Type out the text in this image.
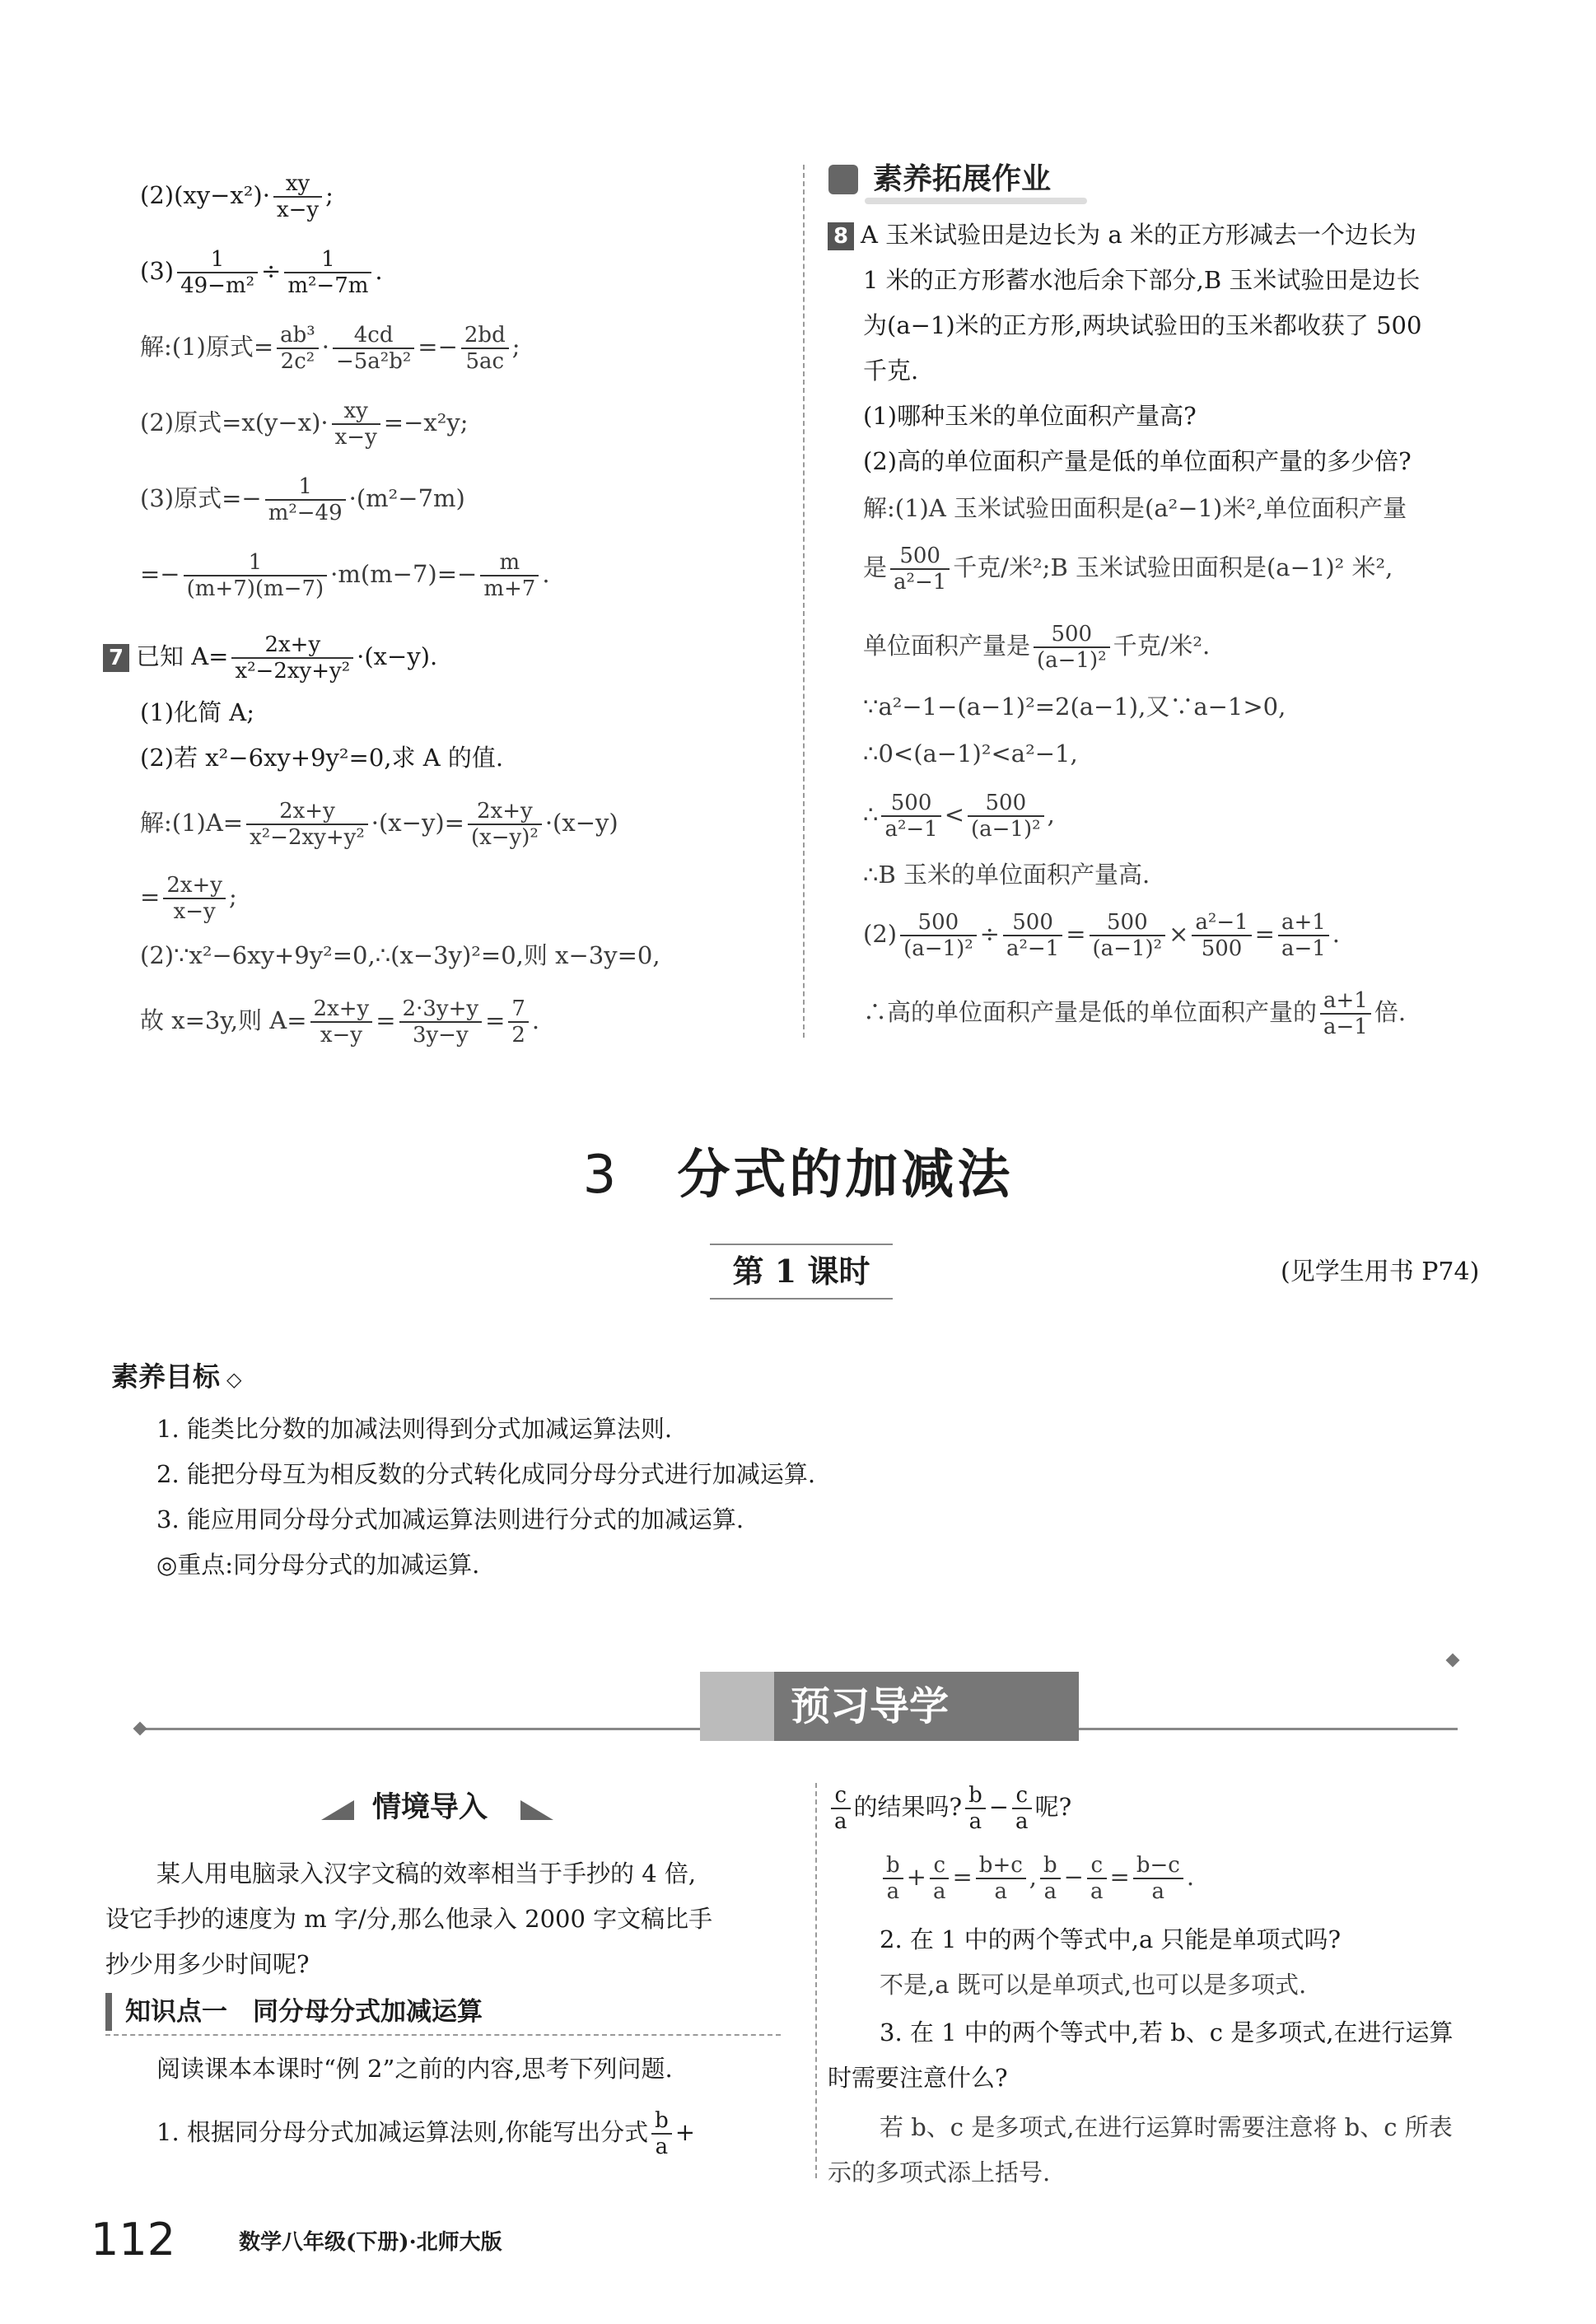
$(2)(xy-x^2)\cdot \frac{xy}{x-y}$ ;
$(3) \frac{1}{\text{49−m²}} \div \frac{1}{\text{m²−7m}}$ .
解:(1)原式= $\frac{\text{ab³}}{\text{2c²}} \cdot \frac{4cd}{\text{−5a²b²}} =- \frac{2bd}{5ac}$ ;
(2)原式$=x(y-x)\cdot \frac{xy}{x-y} =-x^2y$;
(3)原式=− $\frac{1}{\text{m²−49}} \cdot(m^2-7m)$
=− $\frac{1}{(m+7)(m-7)} \cdot m(m-7)=- \frac{m}{m+7}$ .
7 已知 $A= \frac{2x+y}{\text{x²−2xy+y²}} \cdot(x-y)$.
(1)化简 A;
(2)若 x²−6xy+9y²=0,求 A 的值.
解:(1)A= $\frac{2x+y}{\text{x²−2xy+y²}} \cdot(x-y)= \frac{2x+y}{\text{(x−y)²}} \cdot(x-y)$
= $\frac{2x+y}{x-y}$ ;
(2)∵x²−6xy+9y²=0,∴(x−3y)²=0,则 x−3y=0,
故 x=3y,则 $A= \frac{2x+y}{x-y} = \frac{2\cdot 3y+y}{3y-y} = \frac{7}{2}$ .
素养拓展作业
8 A 玉米试验田是边长为 a 米的正方形减去一个边长为
1 米的正方形蓄水池后余下部分,B 玉米试验田是边长
为(a−1)米的正方形,两块试验田的玉米都收获了 500
千克.
(1)哪种玉米的单位面积产量高?
(2)高的单位面积产量是低的单位面积产量的多少倍?
解:(1)A 玉米试验田面积是(a²−1)米²,单位面积产量
是 $\frac{500}{\text{a²−1}}$ 千克/米²;B 玉米试验田面积是(a−1)² 米²,
单位面积产量是 $\frac{500}{\text{(a−1)²}}$ 千克/米².
∵a²−1−(a−1)²=2(a−1),又∵a−1>0,
∴0<(a−1)²<a²−1,
∴ $\frac{500}{\text{a²−1}} < \frac{500}{\text{(a−1)²}}$ ,
∴B 玉米的单位面积产量高.
$(2) \frac{500}{\text{(a−1)²}} \div \frac{500}{\text{a²−1}} = \frac{500}{\text{(a−1)²}} \times \frac{\text{a²−1}}{500} = \frac{a+1}{a-1}$ .
∴高的单位面积产量是低的单位面积产量的 $\frac{a+1}{a-1}$ 倍.
3 分式的加减法
第 1 课时	(见学生用书 P74)
素养目标 ◇
1. 能类比分数的加减法则得到分式加减运算法则.
2. 能把分母互为相反数的分式转化成同分母分式进行加减运算.
3. 能应用同分母分式加减运算法则进行分式的加减运算.
◎重点:同分母分式的加减运算.
预习导学
情境导入
某人用电脑录入汉字文稿的效率相当于手抄的 4 倍,
设它手抄的速度为 m 字/分,那么他录入 2000 字文稿比手
抄少用多少时间呢?
知识点一　同分母分式加减运算
阅读课本本课时“例 2”之前的内容,思考下列问题.
1. 根据同分母分式加减运算法则,你能写出分式 $\frac{b}{a}$ +
$\frac{c}{a}$ 的结果吗? $\frac{b}{a} - \frac{c}{a}$ 呢?
$\frac{b}{a} + \frac{c}{a} = \frac{b+c}{a}$ , $\frac{b}{a} - \frac{c}{a} = \frac{b-c}{a}$ .
2. 在 1 中的两个等式中,a 只能是单项式吗?
不是,a 既可以是单项式,也可以是多项式.
3. 在 1 中的两个等式中,若 b、c 是多项式,在进行运算
时需要注意什么?
若 b、c 是多项式,在进行运算时需要注意将 b、c 所表
示的多项式添上括号.
112	数学八年级(下册)·北师大版
